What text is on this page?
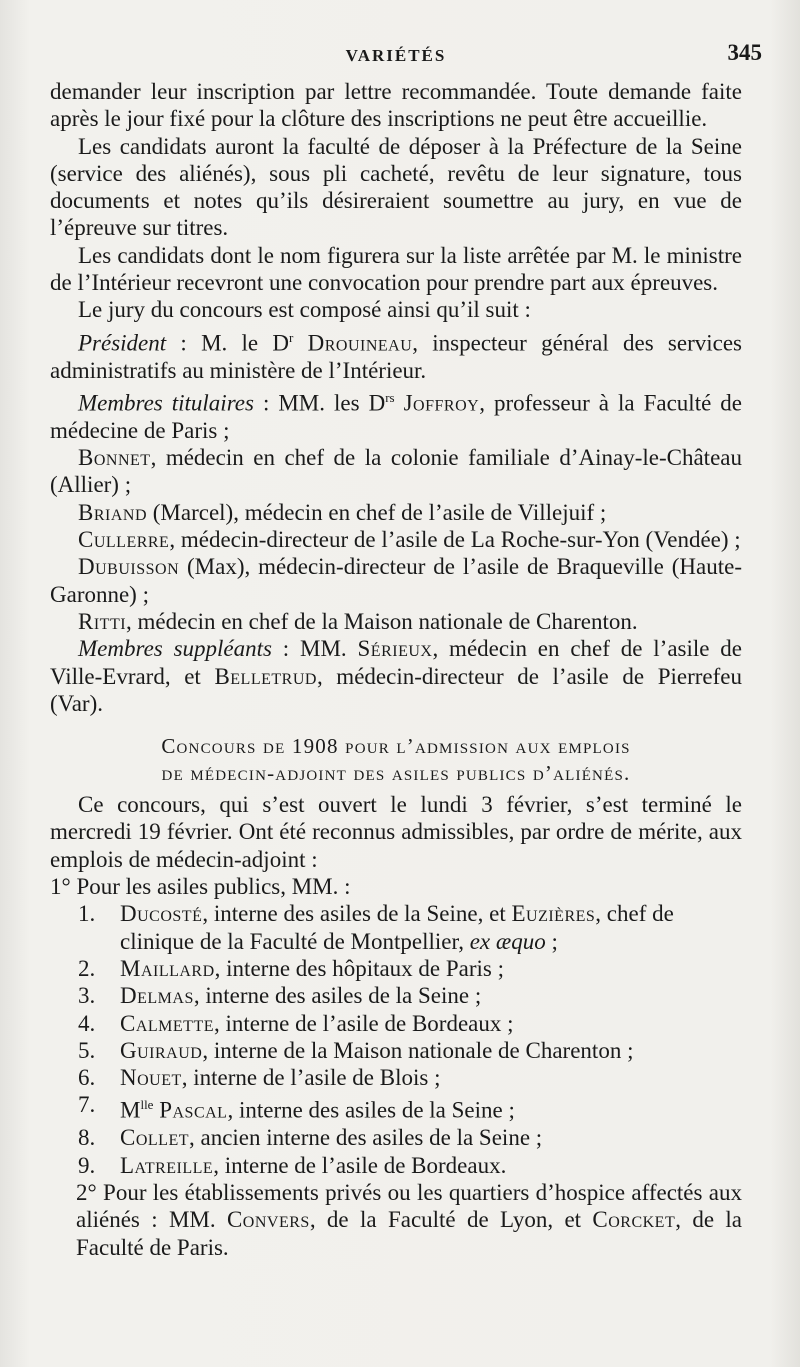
VARIÉTÉS	345

demander leur inscription par lettre recommandée. Toute demande faite après le jour fixé pour la clôture des inscriptions ne peut être accueillie.

Les candidats auront la faculté de déposer à la Préfecture de la Seine (service des aliénés), sous pli cacheté, revêtu de leur signature, tous documents et notes qu’ils désireraient soumettre au jury, en vue de l’épreuve sur titres.

Les candidats dont le nom figurera sur la liste arrêtée par M. le ministre de l’Intérieur recevront une convocation pour prendre part aux épreuves.

Le jury du concours est composé ainsi qu’il suit :

Président : M. le $D^r$ Drouineau, inspecteur général des services administratifs au ministère de l’Intérieur.

Membres titulaires : MM. les $D^{rs}$ Joffroy, professeur à la Faculté de médecine de Paris ;

Bonnet, médecin en chef de la colonie familiale d’Ainay-le-Château (Allier) ;

Briand (Marcel), médecin en chef de l’asile de Villejuif ;

Cullerre, médecin-directeur de l’asile de La Roche-sur-Yon (Vendée) ;

Dubuisson (Max), médecin-directeur de l’asile de Braqueville (Haute-Garonne) ;

Ritti, médecin en chef de la Maison nationale de Charenton.

Membres suppléants : MM. Sérieux, médecin en chef de l’asile de Ville-Evrard, et Belletrud, médecin-directeur de l’asile de Pierrefeu (Var).

Concours de 1908 pour l’admission aux emplois
de médecin-adjoint des asiles publics d’aliénés.

Ce concours, qui s’est ouvert le lundi 3 février, s’est terminé le mercredi 19 février. Ont été reconnus admissibles, par ordre de mérite, aux emplois de médecin-adjoint :

1° Pour les asiles publics, MM. :

1.	Ducosté, interne des asiles de la Seine, et Euzières, chef de clinique de la Faculté de Montpellier, ex æquo ;
2.	Maillard, interne des hôpitaux de Paris ;
3.	Delmas, interne des asiles de la Seine ;
4.	Calmette, interne de l’asile de Bordeaux ;
5.	Guiraud, interne de la Maison nationale de Charenton ;
6.	Nouet, interne de l’asile de Blois ;
7.	$M^{lle}$ Pascal, interne des asiles de la Seine ;
8.	Collet, ancien interne des asiles de la Seine ;
9.	Latreille, interne de l’asile de Bordeaux.

2° Pour les établissements privés ou les quartiers d’hospice affectés aux aliénés : MM. Convers, de la Faculté de Lyon, et Corcket, de la Faculté de Paris.
